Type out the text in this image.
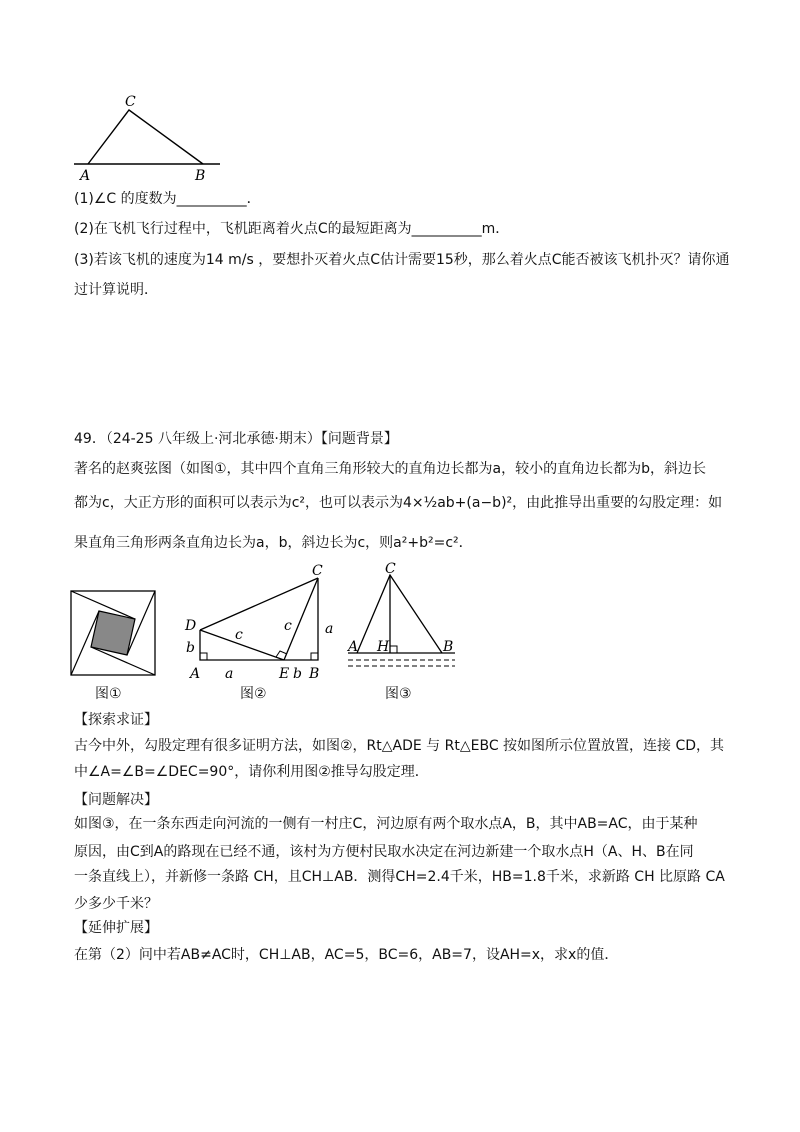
C
A	B
(1)∠C 的度数为__________．
(2)在飞机飞行过程中，飞机距离着火点C的最短距离为__________m．
(3)若该飞机的速度为14 m/s ，要想扑灭着火点C估计需要15秒，那么着火点C能否被该飞机扑灭？请你通
过计算说明．
49．（24-25 八年级上·河北承德·期末）【问题背景】
著名的赵爽弦图（如图①，其中四个直角三角形较大的直角边长都为a，较小的直角边长都为b，斜边长
都为c，大正方形的面积可以表示为c²，也可以表示为4×½ab+(a−b)²，由此推导出重要的勾股定理：如
果直角三角形两条直角边长为a，b，斜边长为c，则a²+b²=c²．
图①
C
D
A	E B
a
c
c
b
a	b
图②
C
A H	B
图③
【探索求证】
古今中外，勾股定理有很多证明方法，如图②，Rt△ADE 与 Rt△EBC 按如图所示位置放置，连接 CD，其
中∠A=∠B=∠DEC=90°，请你利用图②推导勾股定理．
【问题解决】
如图③，在一条东西走向河流的一侧有一村庄C，河边原有两个取水点A，B，其中AB=AC，由于某种
原因，由C到A的路现在已经不通，该村为方便村民取水决定在河边新建一个取水点H（A、H、B在同
一条直线上），并新修一条路 CH，且CH⊥AB．测得CH=2.4千米，HB=1.8千米，求新路 CH 比原路 CA
少多少千米？
【延伸扩展】
在第（2）问中若AB≠AC时，CH⊥AB，AC=5，BC=6，AB=7，设AH=x，求x的值．
